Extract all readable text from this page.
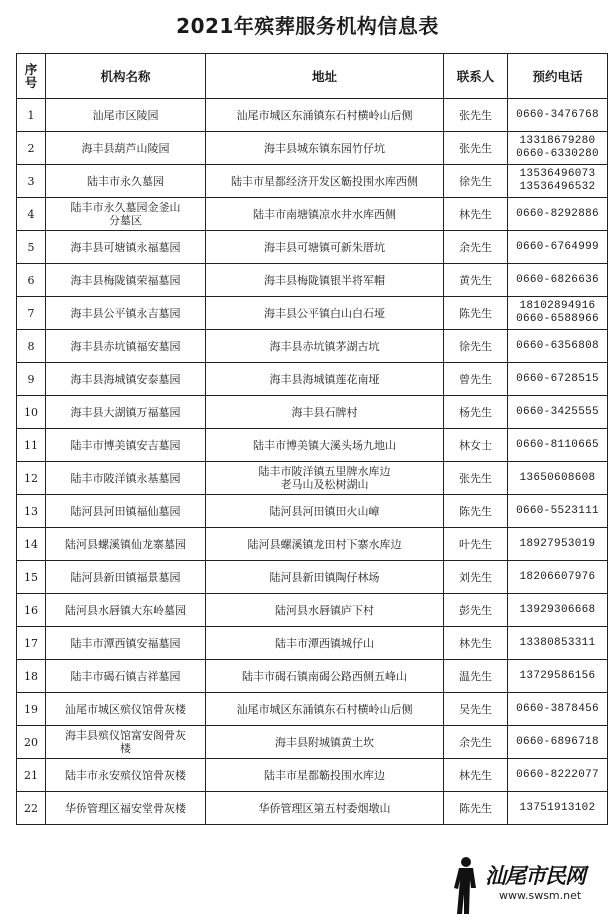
2021年殡葬服务机构信息表
序
号	机构名称	地址	联系人	预约电话
1	汕尾市区陵园	汕尾市城区东涌镇东石村横岭山后侧	张先生	0660-3476768
2	海丰县葫芦山陵园	海丰县城东镇东园竹仔坑	张先生	13318679280
0660-6330280
3	陆丰市永久墓园	陆丰市星都经济开发区簕投围水库西侧	徐先生	13536496073
13536496532
4	陆丰市永久墓园金釜山
分墓区	陆丰市南塘镇凉水井水库西侧	林先生	0660-8292886
5	海丰县可塘镇永福墓园	海丰县可塘镇可新朱厝坑	余先生	0660-6764999
6	海丰县梅陇镇荣福墓园	海丰县梅陇镇银半将军帽	黄先生	0660-6826636
7	海丰县公平镇永吉墓园	海丰县公平镇白山白石垭	陈先生	18102894916
0660-6588966
8	海丰县赤坑镇福安墓园	海丰县赤坑镇茅湖古坑	徐先生	0660-6356808
9	海丰县海城镇安泰墓园	海丰县海城镇莲花南垭	曾先生	0660-6728515
10	海丰县大湖镇万福墓园	海丰县石牌村	杨先生	0660-3425555
11	陆丰市博美镇安吉墓园	陆丰市博美镇大溪头场九地山	林女士	0660-8110665
12	陆丰市陂洋镇永基墓园	陆丰市陂洋镇五里牌水库边
老马山及松树湖山	张先生	13650608608
13	陆河县河田镇福仙墓园	陆河县河田镇田火山嶂	陈先生	0660-5523111
14	陆河县螺溪镇仙龙寨墓园	陆河县螺溪镇龙田村下寨水库边	叶先生	18927953019
15	陆河县新田镇福景墓园	陆河县新田镇陶仔林场	刘先生	18206607976
16	陆河县水唇镇大东岭墓园	陆河县水唇镇庐下村	彭先生	13929306668
17	陆丰市潭西镇安福墓园	陆丰市潭西镇城仔山	林先生	13380853311
18	陆丰市碣石镇吉祥墓园	陆丰市碣石镇南碣公路西侧五峰山	温先生	13729586156
19	汕尾市城区殡仪馆骨灰楼	汕尾市城区东涌镇东石村横岭山后侧	吴先生	0660-3878456
20	海丰县殡仪馆富安阁骨灰
楼	海丰县附城镇黄土坎	余先生	0660-6896718
21	陆丰市永安殡仪馆骨灰楼	陆丰市星都簕投围水库边	林先生	0660-8222077
22	华侨管理区福安堂骨灰楼	华侨管理区第五村委烟墩山	陈先生	13751913102
汕尾市民网
www.swsm.net
